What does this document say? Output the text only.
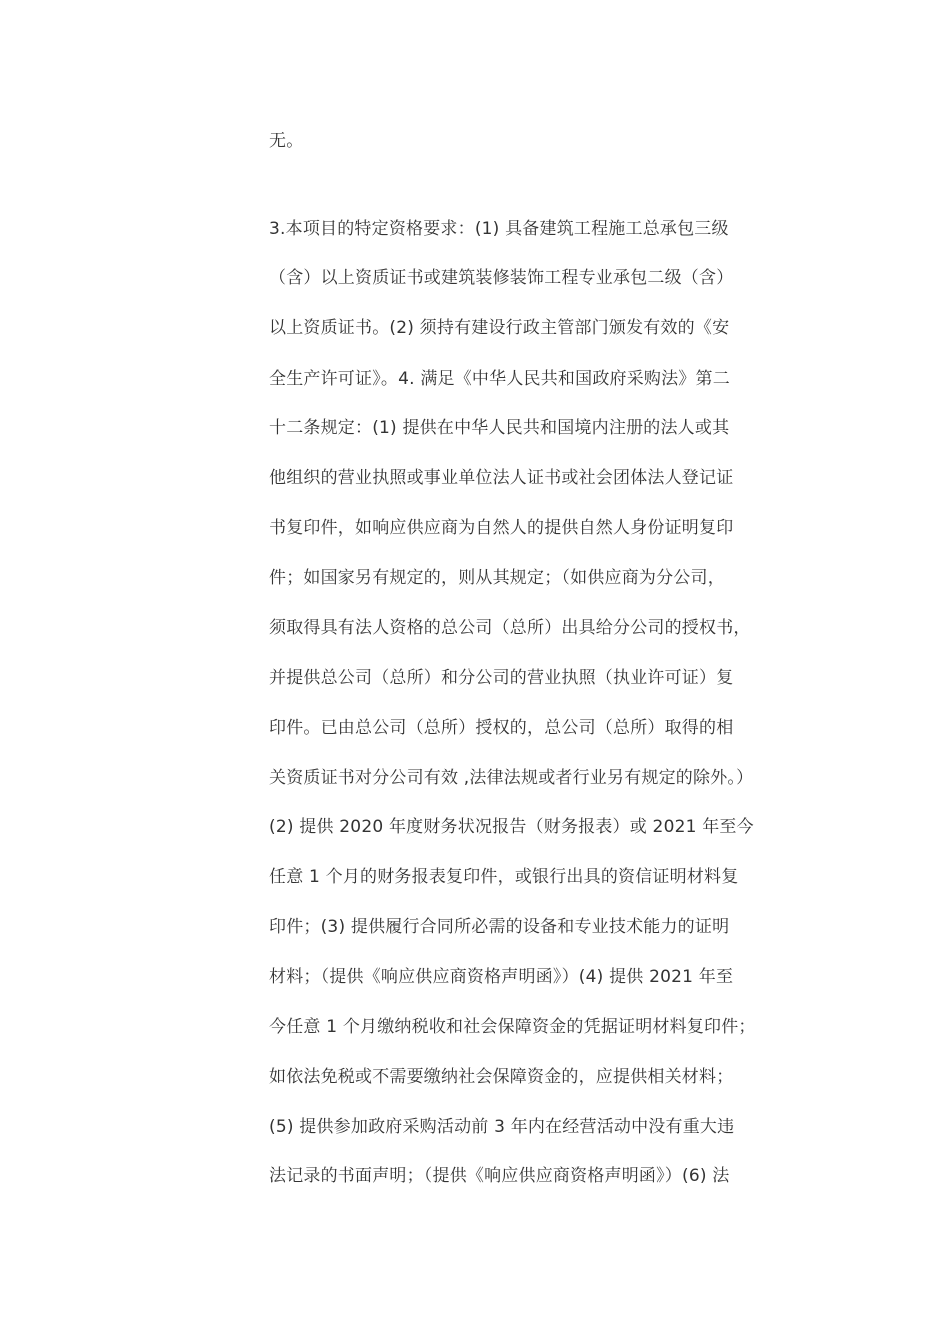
无。
3.本项目的特定资格要求：(1) 具备建筑工程施工总承包三级
（含）以上资质证书或建筑装修装饰工程专业承包二级（含）
以上资质证书。(2) 须持有建设行政主管部门颁发有效的《安
全生产许可证》。4. 满足《中华人民共和国政府采购法》第二
十二条规定：(1) 提供在中华人民共和国境内注册的法人或其
他组织的营业执照或事业单位法人证书或社会团体法人登记证
书复印件，如响应供应商为自然人的提供自然人身份证明复印
件；如国家另有规定的，则从其规定；（如供应商为分公司，
须取得具有法人资格的总公司（总所）出具给分公司的授权书，
并提供总公司（总所）和分公司的营业执照（执业许可证）复
印件。已由总公司（总所）授权的，总公司（总所）取得的相
关资质证书对分公司有效 ,法律法规或者行业另有规定的除外。）
(2) 提供 2020 年度财务状况报告（财务报表）或 2021 年至今
任意 1 个月的财务报表复印件，或银行出具的资信证明材料复
印件；(3) 提供履行合同所必需的设备和专业技术能力的证明
材料；（提供《响应供应商资格声明函》）(4) 提供 2021 年至
今任意 1 个月缴纳税收和社会保障资金的凭据证明材料复印件；
如依法免税或不需要缴纳社会保障资金的，应提供相关材料；
(5) 提供参加政府采购活动前 3 年内在经营活动中没有重大违
法记录的书面声明；（提供《响应供应商资格声明函》）(6) 法
